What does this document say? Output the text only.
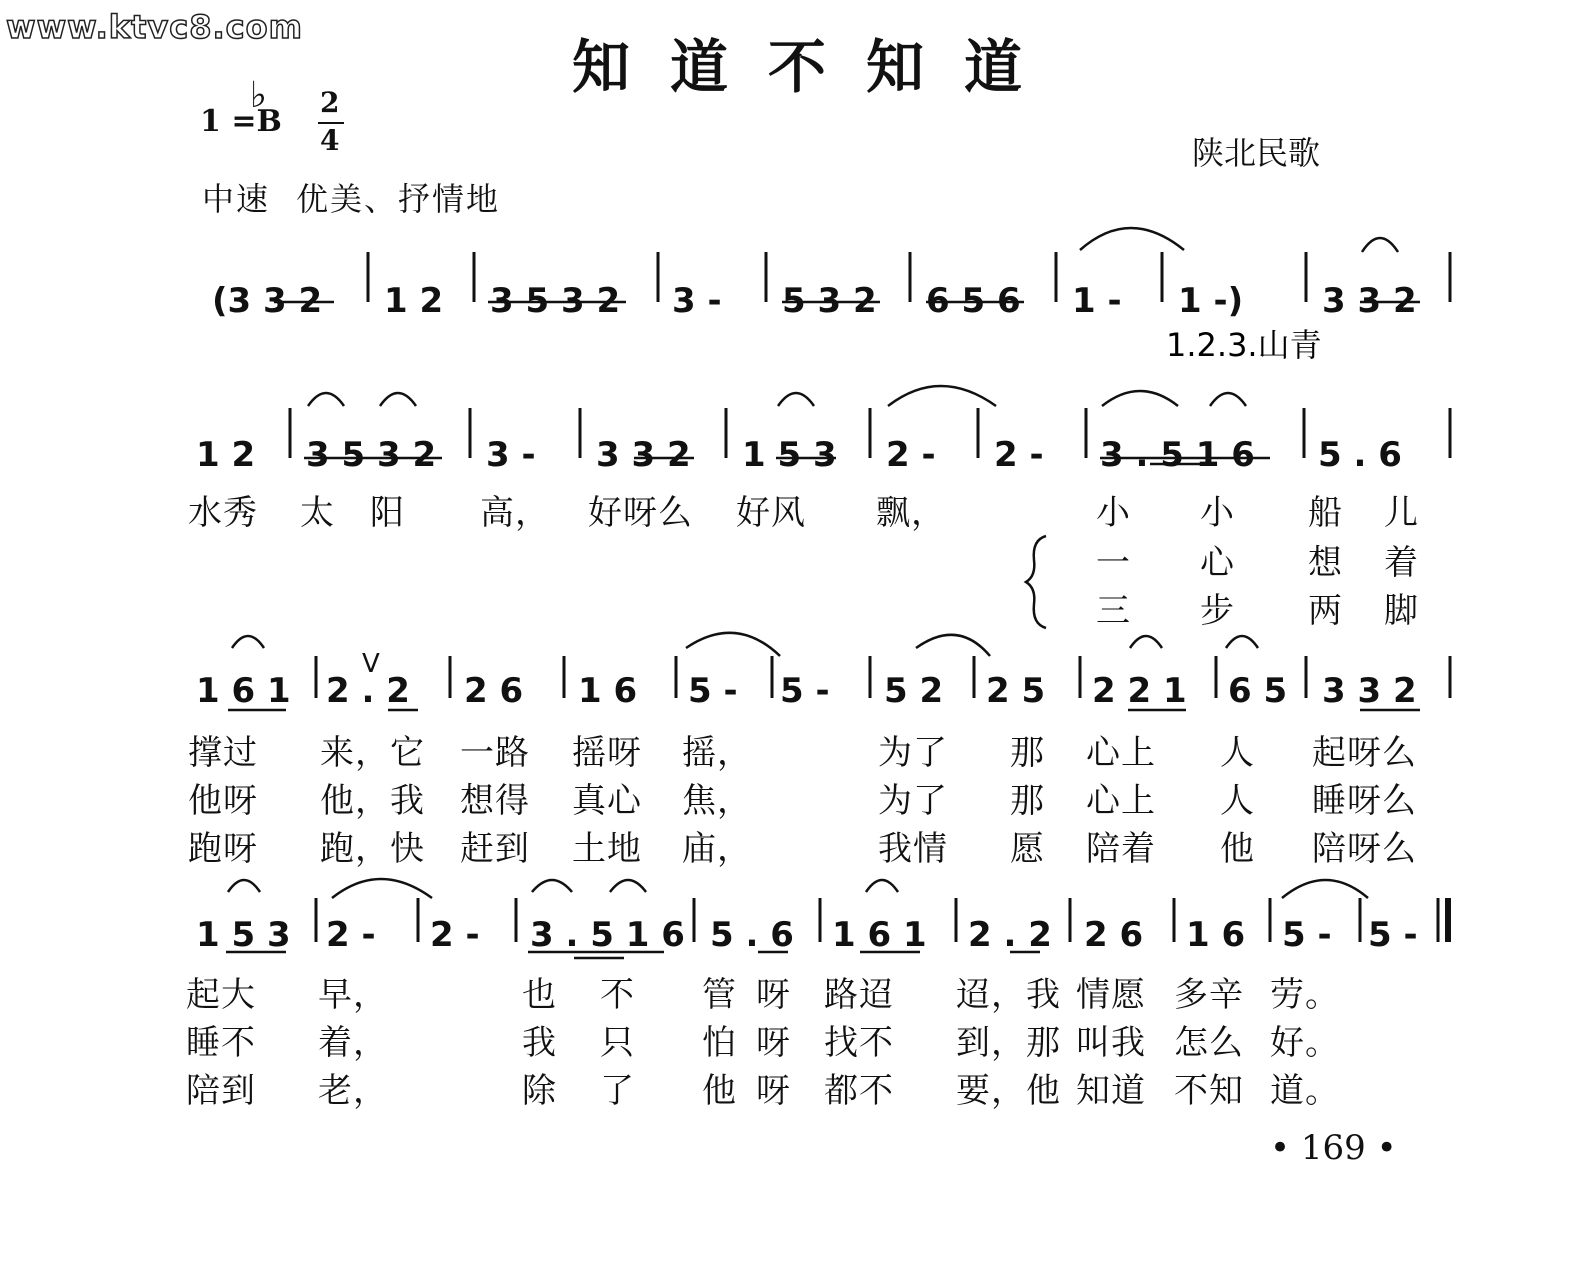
www.ktvc8.com
知道不知道
1 =B
♭ 2
4	陕北民歌
中速 优美、抒情地
(3 3 2 1 2 3 5 3 2 3 - 5 3 2 6 5 6 1 - 1 -) 3 3 2
1.2.3.山青
1 2 3 5 3 2 3 - 3 3 2 1 5 3 2 - 2 - 3 . 5 1 6 5 . 6
水秀 太 阳 高， 好呀么 好风 飘，	小 小 船 儿
一 心 想 着
三 步 两 脚
1 6 1 2 . 2 2 6 1 6 5 - 5 - 5 2 2 5 2 2 1 6 5 3 3 2
V
撑过 来，它 一路 摇呀 摇，	为了 那 心上 人 起呀么
他呀 他，我 想得 真心 焦，	为了 那 心上 人 睡呀么
跑呀 跑，快 赶到 土地 庙，	我情 愿 陪着 他 陪呀么
1 5 3 2 - 2 - 3 . 5 1 6 5 . 6 1 6 1 2 . 2 2 6 1 6 5 - 5 -
起大 早，	也 不 管 呀 路迢 迢，我 情愿 多辛 劳。
睡不 着，	我 只 怕 呀 找不 到，那 叫我 怎么 好。
陪到 老，	除 了 他 呀 都不 要，他 知道 不知 道。
• 169 •
